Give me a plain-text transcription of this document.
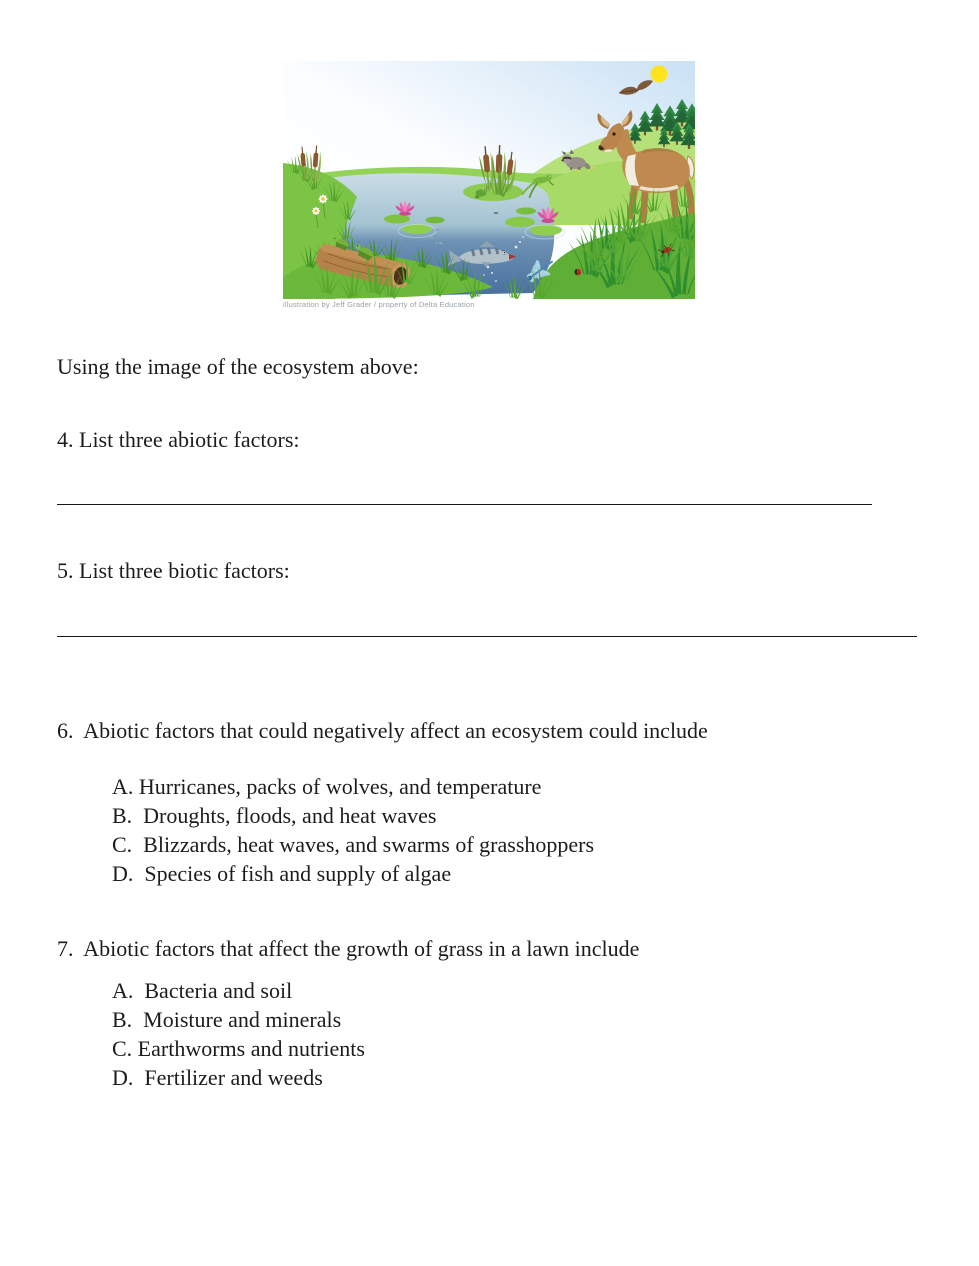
illustration by Jeff Grader / property of Delta Education
Using the image of the ecosystem above:
4. List three abiotic factors:
5. List three biotic factors:
6.  Abiotic factors that could negatively affect an ecosystem could include
A. Hurricanes, packs of wolves, and temperature
B.  Droughts, floods, and heat waves
C.  Blizzards, heat waves, and swarms of grasshoppers
D.  Species of fish and supply of algae
7.  Abiotic factors that affect the growth of grass in a lawn include
A.  Bacteria and soil
B.  Moisture and minerals
C. Earthworms and nutrients
D.  Fertilizer and weeds
